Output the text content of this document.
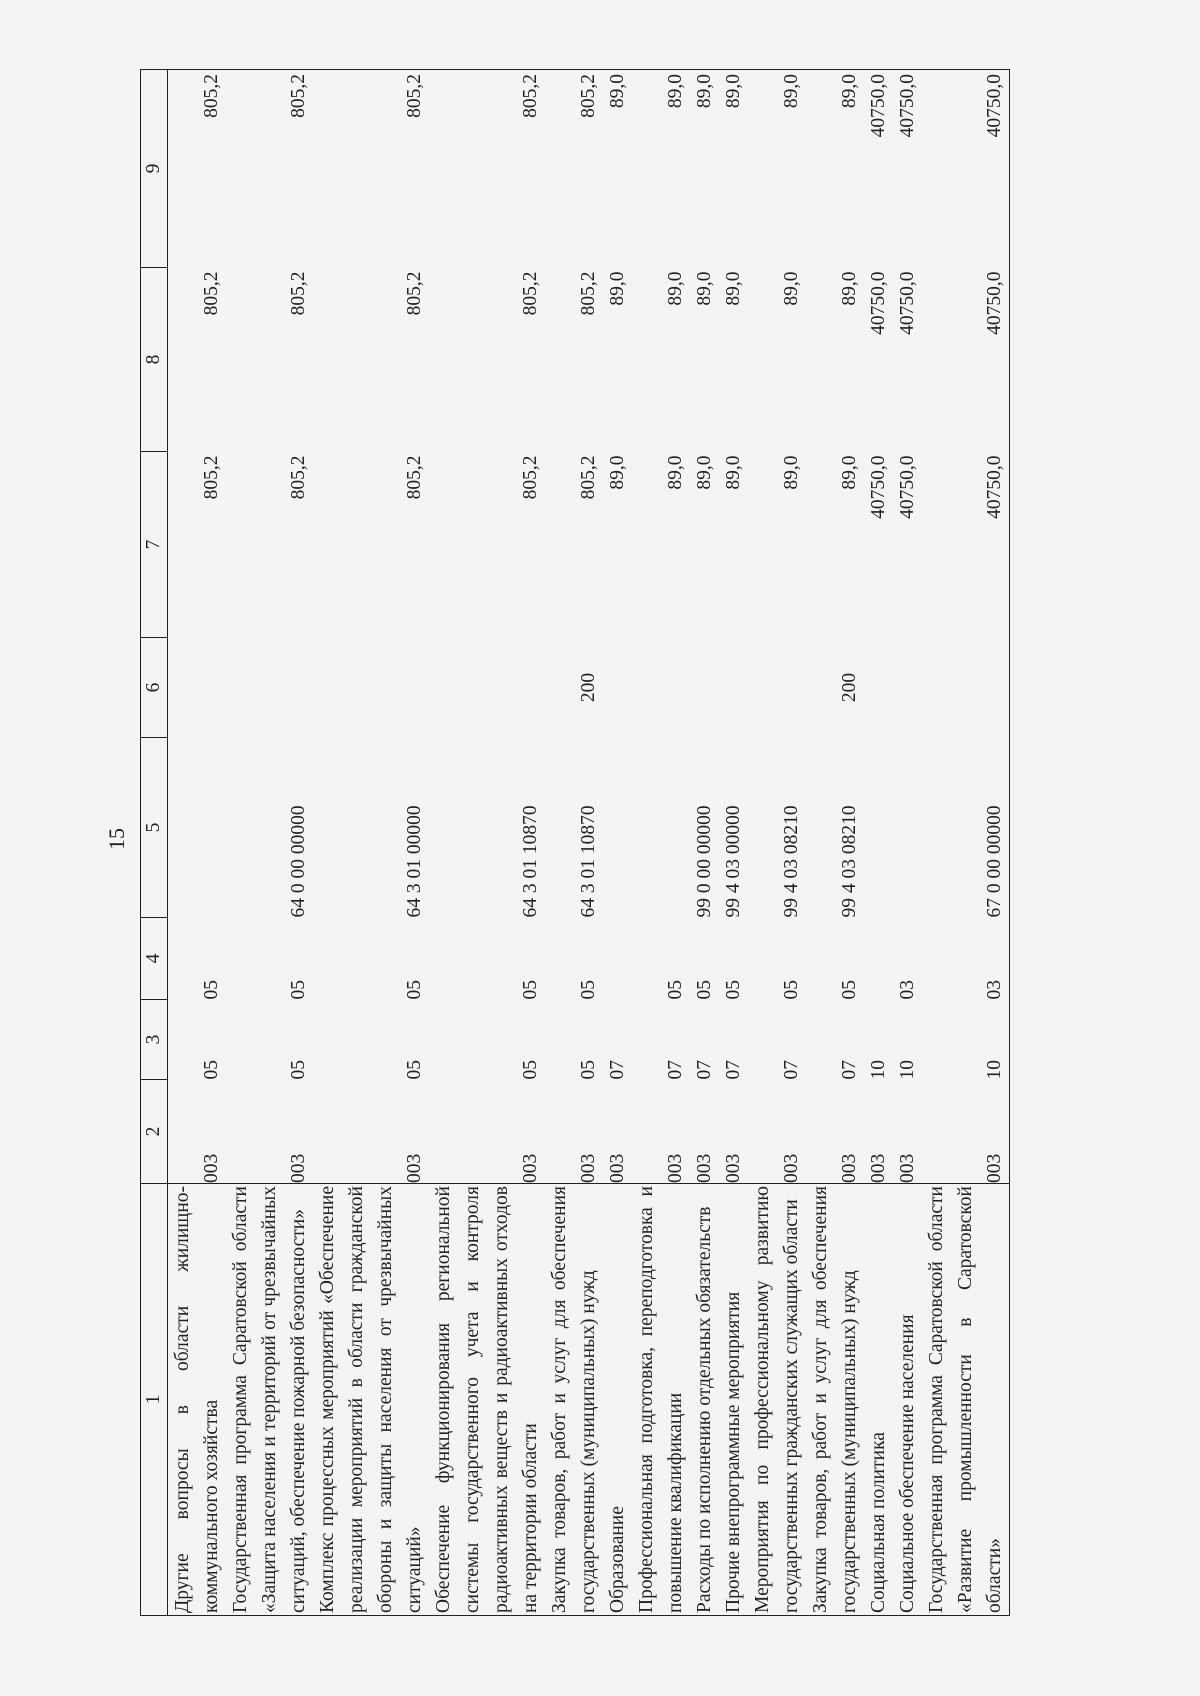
15
1	2	3	4	5	6	7	8	9
Другие вопросы в области жилищно-коммунального хозяйства	003	05	05			805,2	805,2	805,2
Государственная программа Саратовской области «Защита населения и территорий от чрезвычайных ситуаций, обеспечение пожарной безопасности»	003	05	05	64 0 00 00000		805,2	805,2	805,2
Комплекс процессных мероприятий «Обеспечение реализации мероприятий в области гражданской обороны и защиты населения от чрезвычайных ситуаций»	003	05	05	64 3 01 00000		805,2	805,2	805,2
Обеспечение функционирования региональной системы государственного учета и контроля радиоактивных веществ и радиоактивных отходов на территории области	003	05	05	64 3 01 10870		805,2	805,2	805,2
Закупка товаров, работ и услуг для обеспечения государственных (муниципальных) нужд	003	05	05	64 3 01 10870	200	805,2	805,2	805,2
Образование	003	07				89,0	89,0	89,0
Профессиональная подготовка, переподготовка и повышение квалификации	003	07	05			89,0	89,0	89,0
Расходы по исполнению отдельных обязательств	003	07	05	99 0 00 00000		89,0	89,0	89,0
Прочие внепрограммные мероприятия	003	07	05	99 4 03 00000		89,0	89,0	89,0
Мероприятия по профессиональному развитию государственных гражданских служащих области	003	07	05	99 4 03 08210		89,0	89,0	89,0
Закупка товаров, работ и услуг для обеспечения государственных (муниципальных) нужд	003	07	05	99 4 03 08210	200	89,0	89,0	89,0
Социальная политика	003	10				40750,0	40750,0	40750,0
Социальное обеспечение населения	003	10	03			40750,0	40750,0	40750,0
Государственная программа Саратовской области «Развитие промышленности в Саратовской области»	003	10	03	67 0 00 00000		40750,0	40750,0	40750,0
